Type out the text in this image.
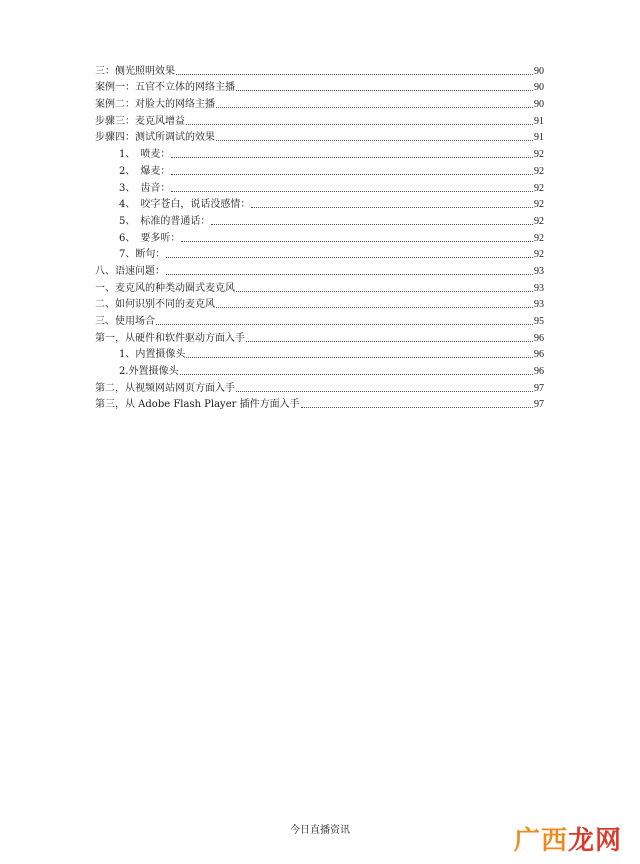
三：侧光照明效果	90
案例一：五官不立体的网络主播	90
案例二：对脸大的网络主播	90
步骤三：麦克风增益	91
步骤四：测试所调试的效果	91
1、　喷麦：	92
2、　爆麦：	92
3、　齿音：	92
4、　咬字苍白，说话没感情：	92
5、　标准的普通话：	92
6、　要多听：	92
7、断句：	92
八、语速问题：	93
一、麦克风的种类动圈式麦克风	93
二、如何识别不同的麦克风	93
三、使用场合	95
第一，从硬件和软件驱动方面入手	96
1、内置摄像头	96
2.外置摄像头	96
第二，从视频网站网页方面入手	97
第三，从 Adobe Flash Player 插件方面入手	97
今日直播资讯	广西龙网
